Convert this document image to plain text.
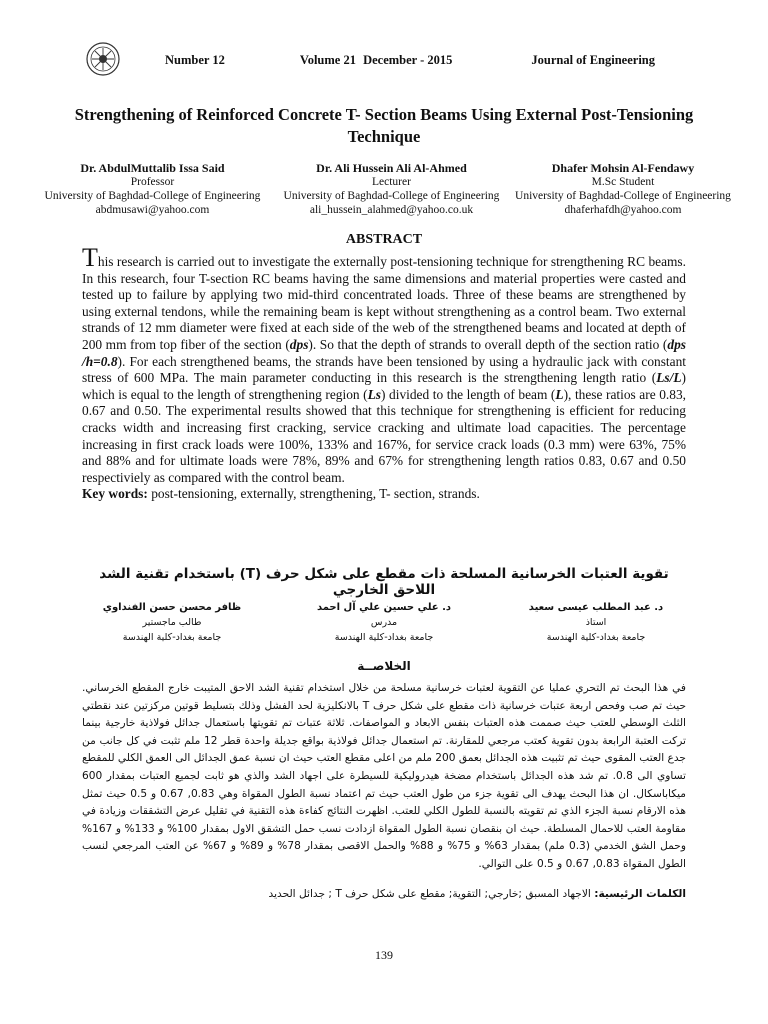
Number 12	Volume 21 December - 2015	Journal of Engineering
Strengthening of Reinforced Concrete T- Section Beams Using External Post-Tensioning Technique
Dr. AbdulMuttalib Issa Said
Professor
University of Baghdad-College of Engineering
abdmusawi@yahoo.com
Dr. Ali Hussein Ali Al-Ahmed
Lecturer
University of Baghdad-College of Engineering
ali_hussein_alahmed@yahoo.co.uk
Dhafer Mohsin Al-Fendawy
M.Sc Student
University of Baghdad-College of Engineering
dhaferhafdh@yahoo.com
ABSTRACT
This research is carried out to investigate the externally post-tensioning technique for strengthening RC beams. In this research, four T-section RC beams having the same dimensions and material properties were casted and tested up to failure by applying two mid-third concentrated loads. Three of these beams are strengthened by using external tendons, while the remaining beam is kept without strengthening as a control beam. Two external strands of 12 mm diameter were fixed at each side of the web of the strengthened beams and located at depth of 200 mm from top fiber of the section (dps). So that the depth of strands to overall depth of the section ratio (dps /h=0.8). For each strengthened beams, the strands have been tensioned by using a hydraulic jack with constant stress of 600 MPa. The main parameter conducting in this research is the strengthening length ratio (Ls/L) which is equal to the length of strengthening region (Ls) divided to the length of beam (L), these ratios are 0.83, 0.67 and 0.50. The experimental results showed that this technique for strengthening is efficient for reducing cracks width and increasing first cracking, service cracking and ultimate load capacities. The percentage increasing in first crack loads were 100%, 133% and 167%, for service crack loads (0.3 mm) were 63%, 75% and 88% and for ultimate loads were 78%, 89% and 67% for strengthening length ratios 0.83, 0.67 and 0.50 respectiviely as compared with the control beam.
Key words: post-tensioning, externally, strengthening, T- section, strands.
تقوية العتبات الخرسانية المسلحة ذات مقطع على شكل حرف (T) باستخدام تقنية الشد اللاحق الخارجي
د. عبد المطلب عيسى سعيد
استاذ
جامعة بغداد-كلية الهندسة
د. علي حسين علي آل احمد
مدرس
جامعة بغداد-كلية الهندسة
ظافر محسن حسن الفنداوي
طالب ماجستير
جامعة بغداد-كلية الهندسة
الخلاصــة
في هذا البحث تم التحري عمليا عن التقوية لعتبات خرسانية مسلحة من خلال استخدام تقنية الشد الاحق المتيبت خارج المقطع الخرساني. حيث تم صب وفحص اربعة عتبات خرسانية ذات مقطع على شكل حرف T بالانكليزية لحد الفشل وذلك بتسليط قوتين مركزتين عند نقطتي الثلث الوسطي للعتب حيث صممت هذه العتبات بنفس الابعاد و المواصفات. ثلاثة عتبات تم تقويتها باستعمال جدائل فولاذية خارجية بينما تركت العتبة الرابعة بدون تقوية كعتب مرجعي للمقارنة. تم استعمال جدائل فولاذية بواقع جديلة واحدة قطر 12 ملم تثبت في كل جانب من جدع العتب المقوى حيث تم تثبيت هذه الجدائل بعمق 200 ملم من اعلى مقطع العتب حيث ان نسبة عمق الجدائل الى العمق الكلي للمقطع تساوي الى 0.8. تم شد هذه الجدائل باستخدام مضخة هيدروليكية للسيطرة على اجهاد الشد والذي هو ثابت لجميع العتبات بمقدار 600 ميكاباسكال. ان هذا البحث يهدف الى تقوية جزء من طول العتب حيث تم اعتماد نسبة الطول المقواة وهي 0.83, 0.67 و 0.5 حيث تمثل هذه الارقام نسبة الجزء الذي تم تقويته بالنسبة للطول الكلي للعتب. اظهرت النتائج كفاءة هذه التقنية في تقليل عرض التشققات وزيادة في مقاومة العتب للاحمال المسلطة. حيث ان بنقصان نسبة الطول المقواة ازدادت نسب حمل التشقق الاول بمقدار 100% و 133% و 167% وحمل الشق الخدمي (0.3 ملم) بمقدار 63% و 75% و 88% والحمل الاقصى بمقدار 78% و 89% و 67% عن العتب المرجعي لنسب الطول المقواة 0.83, 0.67 و 0.5 على التوالي.
الكلمات الرئيسية: الاجهاد المسبق ;خارجي; التقوية; مقطع على شكل حرف T ; جدائل الحديد
139
